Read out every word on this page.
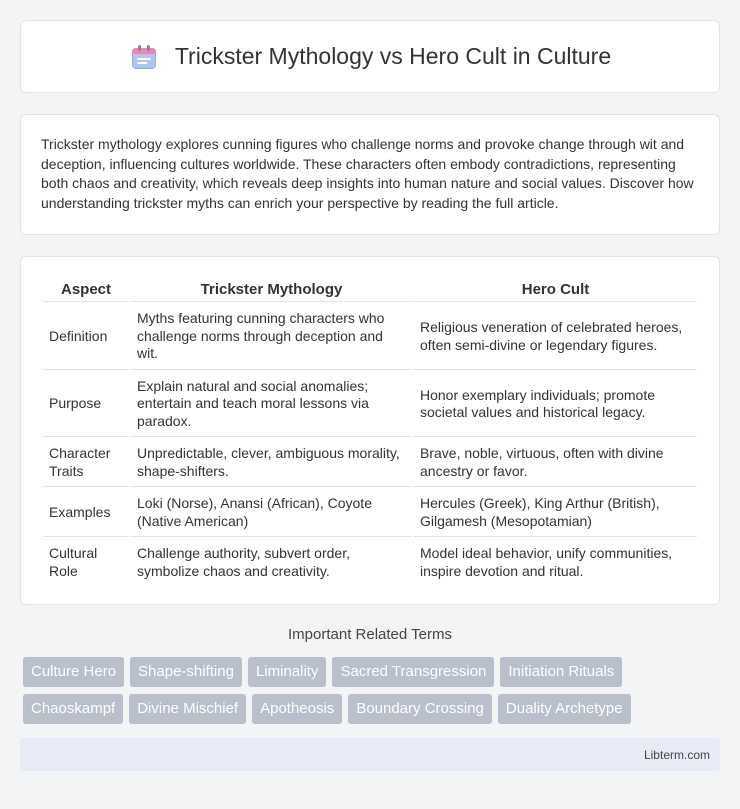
Trickster Mythology vs Hero Cult in Culture

Trickster mythology explores cunning figures who challenge norms and provoke change through wit and deception, influencing cultures worldwide. These characters often embody contradictions, representing both chaos and creativity, which reveals deep insights into human nature and social values. Discover how understanding trickster myths can enrich your perspective by reading the full article.

Aspect	Trickster Mythology	Hero Cult
Definition	Myths featuring cunning characters who challenge norms through deception and wit.	Religious veneration of celebrated heroes, often semi-divine or legendary figures.
Purpose	Explain natural and social anomalies; entertain and teach moral lessons via paradox.	Honor exemplary individuals; promote societal values and historical legacy.
Character Traits	Unpredictable, clever, ambiguous morality, shape-shifters.	Brave, noble, virtuous, often with divine ancestry or favor.
Examples	Loki (Norse), Anansi (African), Coyote (Native American)	Hercules (Greek), King Arthur (British), Gilgamesh (Mesopotamian)
Cultural Role	Challenge authority, subvert order, symbolize chaos and creativity.	Model ideal behavior, unify communities, inspire devotion and ritual.
Important Related Terms
Culture Hero	Shape-shifting	Liminality	Sacred Transgression	Initiation Rituals
Chaoskampf	Divine Mischief	Apotheosis	Boundary Crossing	Duality Archetype
Libterm.com
